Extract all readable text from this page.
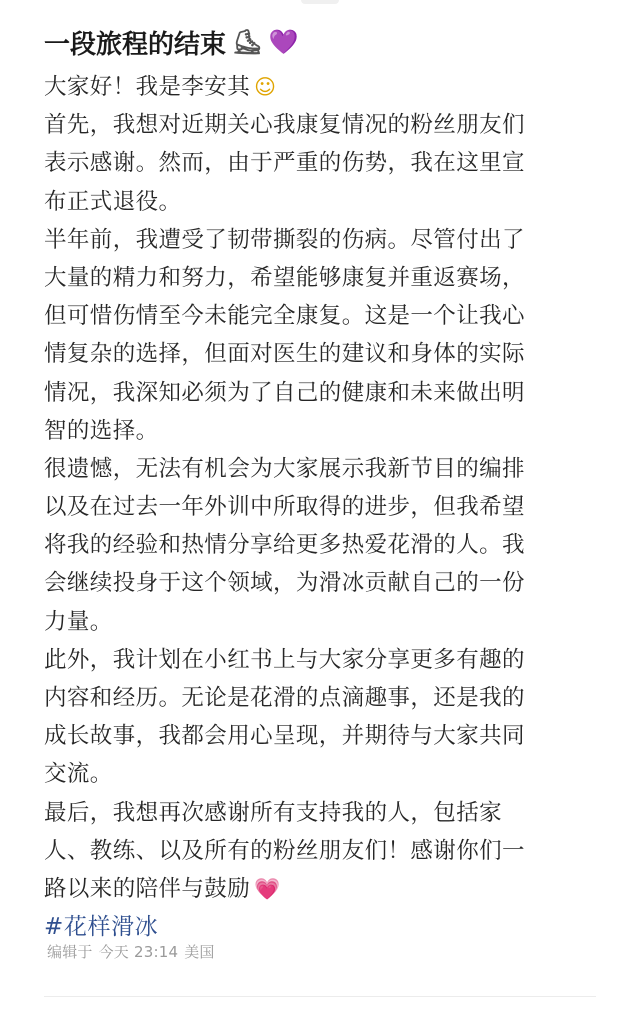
一段旅程的结束 ⛸ 💜
大家好！我是李安其 ☺
首先，我想对近期关心我康复情况的粉丝朋友们
表示感谢。然而，由于严重的伤势，我在这里宣
布正式退役。
半年前，我遭受了韧带撕裂的伤病。尽管付出了
大量的精力和努力，希望能够康复并重返赛场，
但可惜伤情至今未能完全康复。这是一个让我心
情复杂的选择，但面对医生的建议和身体的实际
情况，我深知必须为了自己的健康和未来做出明
智的选择。
很遗憾，无法有机会为大家展示我新节目的编排
以及在过去一年外训中所取得的进步，但我希望
将我的经验和热情分享给更多热爱花滑的人。我
会继续投身于这个领域，为滑冰贡献自己的一份
力量。
此外，我计划在小红书上与大家分享更多有趣的
内容和经历。无论是花滑的点滴趣事，还是我的
成长故事，我都会用心呈现，并期待与大家共同
交流。
最后，我想再次感谢所有支持我的人，包括家
人、教练、以及所有的粉丝朋友们！感谢你们一
路以来的陪伴与鼓励 💗
#花样滑冰
编辑于 今天 23:14 美国
